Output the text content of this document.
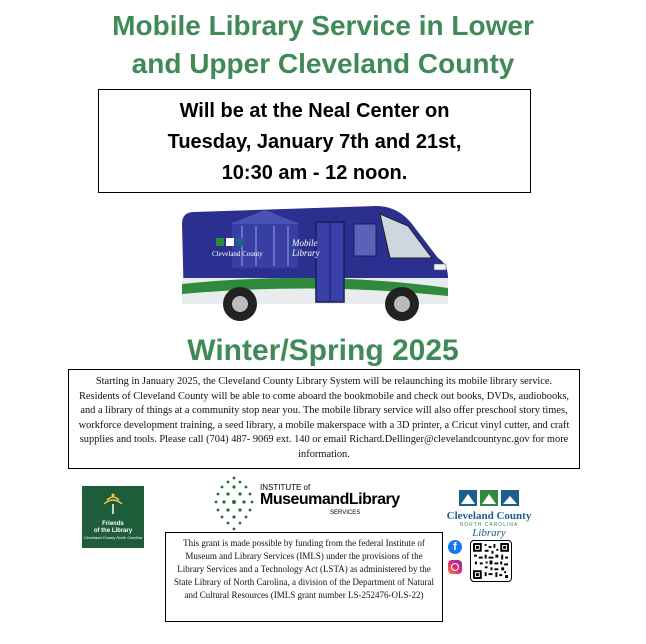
Mobile Library Service in Lower
and Upper Cleveland County
Will be at the Neal Center on
Tuesday, January 7th and 21st,
10:30 am - 12 noon.
Cleveland County
Mobile
Library
Winter/Spring 2025
Starting in January 2025, the Cleveland County Library System will be relaunching its mobile library service. Residents of Cleveland County will be able to come aboard the bookmobile and check out books, DVDs, audiobooks, and a library of things at a community stop near you. The mobile library service will also offer preschool story times, workforce development training, a seed library, a mobile makerspace with a 3D printer, a Cricut vinyl cutter, and craft supplies and tools. Please call (704) 487- 9069 ext. 140 or email Richard.Dellinger@clevelandcountync.gov for more information.
Friends
of the Library
Cleveland County North Carolina
INSTITUTE of
MuseumandLibrary
SERVICES
This grant is made possible by funding from the federal Institute of Museum and Library Services (IMLS) under the provisions of the Library Services and a Technology Act (LSTA) as administered by the State Library of North Carolina, a division of the Department of Natural and Cultural Resources (IMLS grant number LS-252476-OLS-22)
Cleveland County
NORTH CAROLINA
Library
f
